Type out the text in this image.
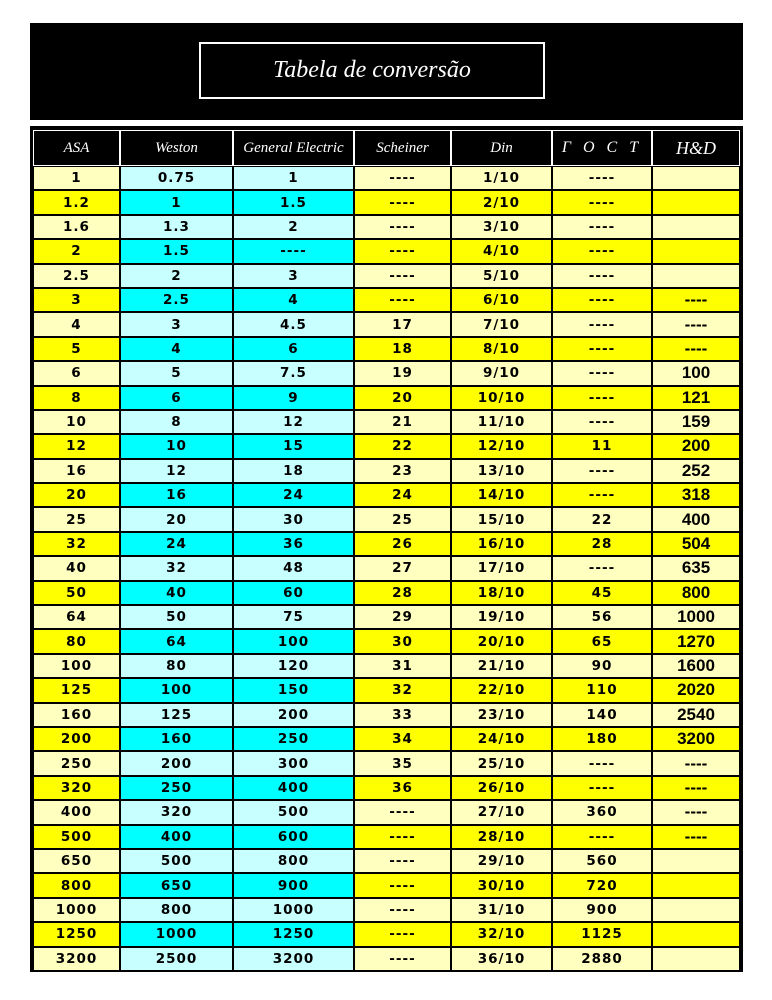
Tabela de conversão
ASA	Weston	General Electric	Scheiner	Din	Γ O C T	H&D
1	0.75	1	----	1/10	----	
1.2	1	1.5	----	2/10	----	
1.6	1.3	2	----	3/10	----	
2	1.5	----	----	4/10	----	
2.5	2	3	----	5/10	----	
3	2.5	4	----	6/10	----	----
4	3	4.5	17	7/10	----	----
5	4	6	18	8/10	----	----
6	5	7.5	19	9/10	----	100
8	6	9	20	10/10	----	121
10	8	12	21	11/10	----	159
12	10	15	22	12/10	11	200
16	12	18	23	13/10	----	252
20	16	24	24	14/10	----	318
25	20	30	25	15/10	22	400
32	24	36	26	16/10	28	504
40	32	48	27	17/10	----	635
50	40	60	28	18/10	45	800
64	50	75	29	19/10	56	1000
80	64	100	30	20/10	65	1270
100	80	120	31	21/10	90	1600
125	100	150	32	22/10	110	2020
160	125	200	33	23/10	140	2540
200	160	250	34	24/10	180	3200
250	200	300	35	25/10	----	----
320	250	400	36	26/10	----	----
400	320	500	----	27/10	360	----
500	400	600	----	28/10	----	----
650	500	800	----	29/10	560	
800	650	900	----	30/10	720	
1000	800	1000	----	31/10	900	
1250	1000	1250	----	32/10	1125	
3200	2500	3200	----	36/10	2880	
